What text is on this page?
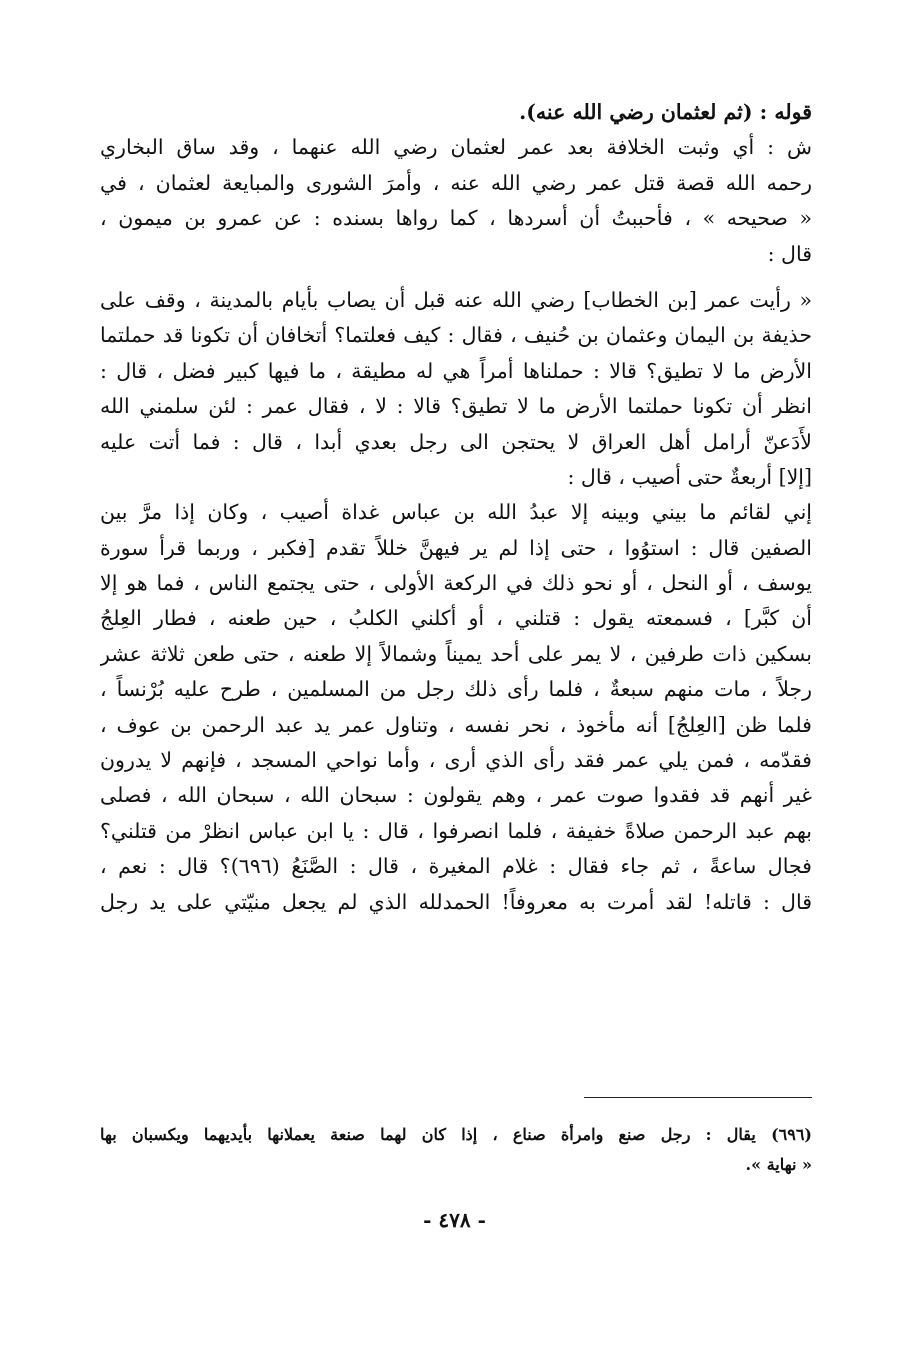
قوله : (ثم لعثمان رضي الله عنه).
ش : أي وثبت الخلافة بعد عمر لعثمان رضي الله عنهما ، وقد ساق البخاري
رحمه الله قصة قتل عمر رضي الله عنه ، وأمرَ الشورى والمبايعة لعثمان ، في
« صحيحه » ، فأحببتُ أن أسردها ، كما رواها بسنده : عن عمرو بن ميمون ،
قال :
« رأيت عمر [بن الخطاب] رضي الله عنه قبل أن يصاب بأيام بالمدينة ، وقف على
حذيفة بن اليمان وعثمان بن حُنيف ، فقال : كيف فعلتما؟ أتخافان أن تكونا قد حملتما
الأرض ما لا تطيق؟ قالا : حملناها أمراً هي له مطيقة ، ما فيها كبير فضل ، قال :
انظر أن تكونا حملتما الأرض ما لا تطيق؟ قالا : لا ، فقال عمر : لئن سلمني الله
لأَدَعنّ أرامل أهل العراق لا يحتجن الى رجل بعدي أبدا ، قال : فما أتت عليه
[إلا] أربعةٌ حتى أصيب ، قال :
إني لقائم ما بيني وبينه إلا عبدُ الله بن عباس غداة أصيب ، وكان إذا مرَّ بين
الصفين قال : استوُوا ، حتى إذا لم ير فيهنَّ خللاً تقدم [فكبر ، وربما قرأ سورة
يوسف ، أو النحل ، أو نحو ذلك في الركعة الأولى ، حتى يجتمع الناس ، فما هو إلا
أن كبَّر] ، فسمعته يقول : قتلني ، أو أكلني الكلبُ ، حين طعنه ، فطار العِلجُ
بسكين ذات طرفين ، لا يمر على أحد يميناً وشمالاً إلا طعنه ، حتى طعن ثلاثة عشر
رجلاً ، مات منهم سبعةٌ ، فلما رأى ذلك رجل من المسلمين ، طرح عليه بُرْنساً ،
فلما ظن [العِلجُ] أنه مأخوذ ، نحر نفسه ، وتناول عمر يد عبد الرحمن بن عوف ،
فقدّمه ، فمن يلي عمر فقد رأى الذي أرى ، وأما نواحي المسجد ، فإنهم لا يدرون
غير أنهم قد فقدوا صوت عمر ، وهم يقولون : سبحان الله ، سبحان الله ، فصلى
بهم عبد الرحمن صلاةً خفيفة ، فلما انصرفوا ، قال : يا ابن عباس انظرْ من قتلني؟
فجال ساعةً ، ثم جاء فقال : غلام المغيرة ، قال : الصَّنَعُ (٦٩٦)؟ قال : نعم ،
قال : قاتله! لقد أمرت به معروفاً! الحمدلله الذي لم يجعل منيّتي على يد رجل
(٦٩٦) يقال : رجل صنع وامرأة صناع ، إذا كان لهما صنعة يعملانها بأيديهما ويكسبان بها
« نهاية ».
- ٤٧٨ -
